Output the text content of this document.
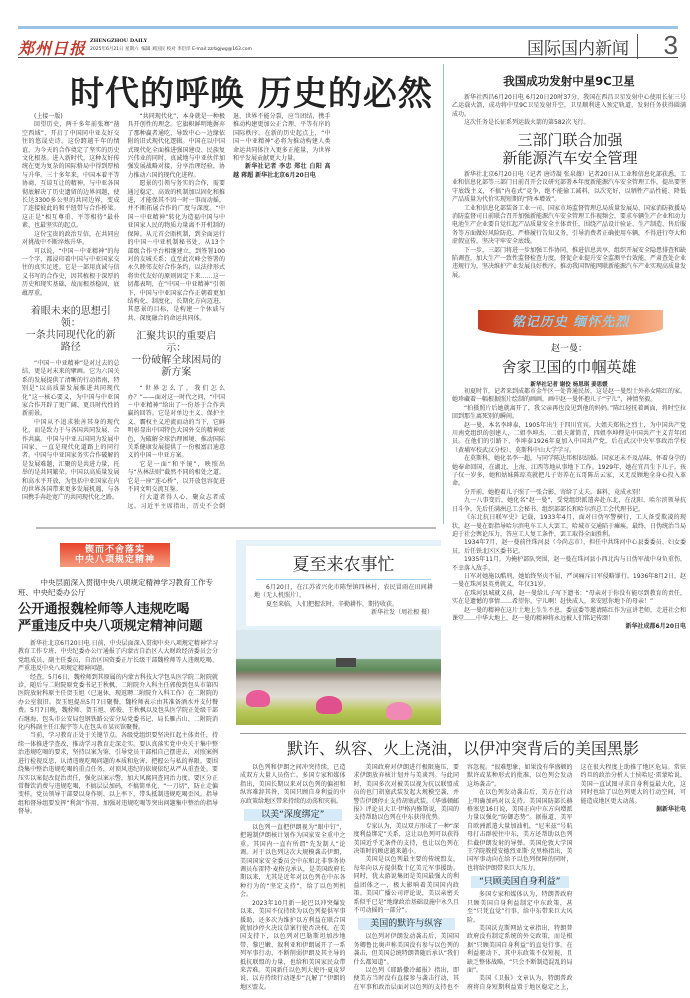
郑州日报 ZHENGZHOU DAILY
2025年6月21日 星期六 编辑 刘国民 校对 李臣洋 E-mail:zzrbgjwg@163.com	国际国内新闻	3
时代的呼唤 历史的必然
(上接一版)

回望历史，两千多年前张骞“凿空西域”，开启了中国同中亚友好交往的悠晟史诗。这份跨越千年的情谊，为今天的合作奠定了坚实的历史文化根基。进入新时代，这种友好传统在更为复杂的国际格局中得到厚植与升华。三十多年来，中国本着平等协商、互谅互让的精神，与中亚各国彻底解决了历史遗留的边界问题，使长达3300多公里的共同边界，变成了连接彼此的和平纽带与合作桥梁。这正是“相互尊重、平等相待”最朴素、也最坚实的起点。

这份宝贵的政治互信，在共同应对挑战中不断淬炼升华。

可以说，“中国－中亚精神”的每一个字，都浸印着中国与中亚国家交往的真实足迹。它是一部用真诚与信义书写的合作史，因其植根于深厚的历史和现实基础，故而根基稳固、底蕴厚重。

着眼未来的思想引领：
一条共同现代化的新路径

“中国－中亚精神”是对过去的总结，更是对未来的擘画。它为六国关系的发展提供了清晰的行动指南，特别是“以高质量发展推进共同现代化”这一核心要义，为中国与中亚国家合作开辟了更广阔、更具时代性的新前景。

中国从不追求独善其身的现代化，而是致力于与各国共同发展、合作共赢。中国与中亚五国同为发展中国家，一直是现代化道路上的同行者。中国与中亚国家务实合作破解的是发展难题，汇聚的是共进力量，托举的是共同繁荣。中国以高质量发展和高水平开放，为包括中亚国家在内的世界各国带来更多发展机遇，与各国携手奔赴宽广的共同现代化之路。

“共同现代化”，本身就是一种极具开创性的理念。它旗帜鲜明地摒弃了那种赢者通吃、导致中心－边缘依附的旧式现代化逻辑。中国在以中国式现代化全面推进强国建设、民族复兴伟业的同时，真诚地与中亚伙伴加强发展战略对接，分享治理经验，协力推动六国的现代化进程。

愿景的引领与务实的合作，需要通过稳定、高效的机制加以固化和推进，才能保其不因一时一事而动摇，并不断拓展合作的广度与深度。“中国－中亚精神”转化为造福中国与中亚国家人民的物质力量离不开机制的保障。从元首会晤机制，到全面运行的中国－中亚机制秘书处，从13个部级合作平台相继建立，到签署100对的友城关系；直至此次峰会签署的永久睦邻友好合作条约，以法律形式将世代友好的原则固定下来……这一切都表明，在“中国－中亚精神”引领下，中国与中亚国家合作正朝着更加结构化、制度化、长期化方向迈进，其愿景的目标，是构建一个休戚与共、深度融合的命运共同体。

汇聚共识的重要启示：
一份破解全球困局的新方案

“世界怎么了，我们怎么办？”——面对这一时代之问，“中国－中亚精神”给出了一份基于合作共赢的回答。它是对单边主义、保护主义、霸权主义逆流而动的当下，它鲜明彰显出中国特色大国外交的精神底色，为破解全球治理困境、推动国际关系健康发展提供了一份极富启迪意义的中国－中亚方案。

它是一面“和平镜”，映照出与“丛林法则”截然不同的相处之道。它是一座“连心桥”，以开放包容促进不同文明交流互鉴。

行大道者得人心，聚众志者成远。习近平主席指出，历史不会倒退，世界不能分裂，应当团结，携手推动构建更加公正合理、平等有序的国际秩序。在新的历史起点上，“中国－中亚精神”必将为推动构建人类命运共同体注入更多正能量，为世界和平发展贡献更大力量。

新华社记者 李忠 郑壮 白阳 高越 蒋超 新华社北京6月20日电

我国成功发射中星9C卫星

新华社西昌6月20日电 6月20日20时37分，我国在西昌卫星发射中心使用长征三号乙运载火箭，成功将中星9C卫星发射升空，卫星顺利进入预定轨道，发射任务获得圆满成功。

这次任务是长征系列运载火箭的第582次飞行。

三部门联合加强
新能源汽车安全管理

新华社北京6月20日电（记者 唐诗凝 张泉薇）记者20日从工业和信息化部获悉，工业和信息化部等三部门日前召开会议研究部署本年度新能源汽车安全管理工作，提出要坚守底线主义，不搞“内卷式”竞争，绝不能偷工减料，以次充好，以牺牲产品性能、降低产品质量为代价实现短期的“降本增效”。

工业和信息化部装备工业一司、国家市场监督管理总局质量发展局、国家消防救援局消防监督司日前联合召开加强新能源汽车安全管理工作视频会，要求车辆生产企业和动力电池生产企业要自觉扛起产品质量安全主体责任，围绕产品设计验证、生产制造、售后服务等方面做好风险防范，严格履行告知义务，引导消费者正确使用车辆，不得进行夸大和虚假宣传，坚决守牢安全底线。

下一步，三部门将进一步加强工作协同，推进信息共享，组织开展安全隐患排查和缺陷调查，加大生产一致性监督检查力度，督促企业提升安全监测平台效能，严肃查处企业违规行为，坚决维护产业发展良好秩序，推动我国智能网联新能源汽车产业实现高质量发展。

铭记历史 缅怀先烈
赵一曼：
舍家卫国的巾帼英雄
新华社记者 谢佼 杨思琪 姜思媛

初夏时节，记者来到成都市金牛区一处普通民居，这是赵一曼烈士外孙女陈红的家。她珍藏着一幅根据照片绘制的画画，画中赵一曼怀抱儿子“宁儿”，神情坚毅。

“拍摄照片后她就离开了，我父亲再也没见到他的妈妈。”陈红轻抚着画面，将时空拉回到那生离死别的瞬间。

赵一曼，本名李坤泰，1905年出生于四川宜宾。大姐夫郑佑之烈士，为中国共产党川南党组织的创建人，二姐李坤杰、二姐夫萧简青，四姐李坤俚是中国共产主义青年团员。在他们的引路下，李坤泰1926年夏加入中国共产党，后在武汉中央军事政治学校（黄埔军校武汉分校）、莫斯科中山大学学习。

在莫斯科，她化名李一超，与同学陈达邦相识结婚。国家还未不及品味，怀着身孕的她奉命回国，在湖北、上海、江西等地从事地下工作。1929年，她在宜昌生下儿子。孩子仅一岁多，她和姑妹陈琮英就把儿子寄养在五哥陈岳云家，又无反顾地全身心投入革命。

分开前，她抱着儿子照了一张合影，寄给了丈夫。谁料，竟成永别！

九一八事变后，她化名“赵一曼”，受党组织派遣奔赴东北，在沈阳、哈尔滨领导抗日斗争，先后任满洲总工会秘书、组织部部长和哈尔滨总工会代理书记。

《东北抗日联军史》记载，1933年4月，面对日伪军警横行，工人备受欺凌的现状，赵一曼在街指导哈尔滨电车工人大罢工，哈城市交通陷于瘫痪。最终，日伪统治当局迫于社会舆论压力，答应工人复工条件，罢工取得全面胜利。

1934年7月，赵一曼前往珠河县（今尚志市），担任中共珠河中心县委委员、妇女委员，后任铁北区区委书记。

1935年11月，为掩护部队突围，赵一曼在珠河县小西北沟与日伪军战中身负重伤，不幸落入敌手。

日军对她施以酷刑，她始终坚贞不屈，严词痛斥日军侵略罪行。1936年8月2日，赵一曼在珠河县英勇就义，年仅31岁。

在珠河县城就义前，赵一曼给儿子写下遗书：“母亲对于你没有能尽到教育的责任，实在是遗憾的事情……希望你，宁儿啊！赶快成人，来安慰你地下的母亲！”

赵一曼的精神在这片土地上生生不息。委宣委等邀请陈红作为宣讲老师，走进社会和课堂……中华大地上，赵一曼的精神将永远被人们铭记传颂！

新华社成都6月20日电
锲而不舍落实
中央八项规定精神
中央层面深入贯彻中央八项规定精神学习教育工作专班、中央纪委办公厅
公开通报魏栓师等人违规吃喝
严重违反中央八项规定精神问题

新华社北京6月20日电 日前，中央层面深入贯彻中央八项规定精神学习教育工作专班、中央纪委办公厅通报了内蒙古自治区人大财政经济委员会分党组成员、副主任委员，自治区国资委正厅长级干部魏栓师等人违规吃喝、严重违反中央八项规定精神问题。

经查，5月6日，魏栓师到其原属的内蒙古科技大学包头医学院二附院就诊，随后与二附院原党委书记王秋枫、二附院介入科主任郭俊到包头市第四医院放射科原主任贺玉旭（已退休，现返聘二附院介入科工作）在二附院的办公室叙旧。贺玉旭提出5月7日聚餐，魏栓师表示由其准备酒水并支付餐费。5月7日晚，魏栓师、贺玉旭、郭俊、王秋枫以及包头医学院正处级干部石继海、包头市公安局包钢铁路公安分局党委书记、局长雁占山、二附院消化内科副主任江振宇等人在包头市某宾馆聚餐。

当前，学习教育正处于关键节点。各级党组织要坚决扛起主体责任，持续一体推进学查改，推动学习教育走深走实。要认真落实党中央关于集中整治违规吃喝的要求，坚持以案为鉴，引导党员干部相自己摆进去，对照案例进行检视反思，认清违规吃喝问题的本质和危害，把握公与私的界限。要围绕集中整治违规吃喝的重点任务，对顶风违纪的依规依纪从严从重查处。要压实以案促改促治责任，强化以案示警，加大风腐同查同治力度。要区分正常餐饮消费与违规吃喝，不搞层层加码，不搞简单化、“一刀切”，防止走偏变样。党员领导干部要以身作则、以上率下，带头抵制违规吃喝歪风。指导组和督导组要发挥“利剑”作用，加强对违规吃喝等突出问题集中整治的指导督导。

夏至来农事忙

6月20日，在江苏省兴化市陈堡镇四林村，农民冒雨在田间耕地（无人机照片）。

夏至来临，人们把握农时，辛勤耕作，期待收获。

新华社发（周社根 摄）
默许、纵容、火上浇油，以伊冲突背后的美国黑影

以色列和伊朗之间冲突持续，已造成双方大量人员伤亡。多国专家和媒体指出，美国长期以来对以色列的偏袒和纵容难辞其咎，美国只顾自身利益的中东政策给地区带来持续的动荡和灾祸。

以美“深度绑定”

以色列一直把伊朗视为“眼中钉”，把遏制伊朗核计划作为国家安全重中之重。其国内一直有所谓“先发制人”论调。对于以色列这次大规模袭击伊朗，美国国家安全委员会中东和北非事务协调员布雷特·麦格克承认，是美国政府长期以来，尤其是近年对以色列在中东各种行为的“坚定支持”，给了以色列机会。

2023年10月新一轮巴以冲突爆发以来，美国不仅持续为以色列提供军事援助，还多次为维护以方利益在联合国就加沙停火决议草案行使否决权。在美国支持下，以色列对巴勒斯坦加沙地带、黎巴嫩、叙利亚和伊朗展开了一系列军事行动，不断削弱伊朗及其主导的抵抗联盟的力量，也给和美国家民众带来苦难。美国新任以色列大使丹·夏皮罗说，以方持续行动逐步“瓦解了”伊朗的地区盟友。

美国政府对伊朗进行极限施压，要求伊朗放弃核计划并与美谈判。与此同时，美国多次对被美以视为抗以联盟成员的也门胡塞武装发起大规模空袭，并警告伊朗停止支持胡塞武装。《华盛顿邮报》评论员大卫·伊格内修斯说，美国的支持帮助以色列在中东获得优势。

专家认为，美以双方形成了一种“深度利益绑定”关系，这让以色列可以获得美国近乎无条件的支持，也让以色列在决策时的顾虑越来越小。

美国是以色列最主要的传统盟友，每年向以方提供数十亿美元军事援助。同时，犹太游说集团是美国最强大的利益团体之一，极大影响着美国国内政策。美国广播公司评论说，美以亲密关系似乎已是“地缘政治基础设施中永久且不可动摇的一部分”。

美国的默许与纵容

以色列对伊朗发动袭击后，美国国务卿鲁比奥声称美国没有参与以色列的袭击，但美国总统特朗普随后承认“我们什么都知道”。

以色列《耶路撒冷邮报》指出，即便美方当时没有直接参与袭击行动，其在军事和政治层面对以色列的支持也不容忽视。“很难想象，如果没有华盛顿的默许或某种形式的批准，以色列会发动这场袭击”。

在以色列发动袭击后，美方在行动上明确加码对以支持。美国国防部长赫格塞思16日说，美国正向中东方向增派力量以强化“防御态势”。据报道，美军自欧洲派遣大量加油机，“尼米兹”号航母打击群驶往中东，美方还帮助以色列拦截伊朗发射的导弹。美国伦敦大学国王学院教授安德烈亚斯·克里格指出，美国军事动向在给予以色列保障的同时，也将给伊朗带来巨大压力。

“只顾美国自身利益”

多国专家和媒体认为，特朗普政府只顾美国自身利益制定中东政策，甚至“只凭直觉”行事，给中东带来巨大风险。

美国沃克斯网站文章指出，特朗普政府没有制定系统的外交政策，而是根据“只顾美国自身利益”的直觉行事。在利益驱动下，其中东政策不仅短视，且缺乏整体战略，“只会不断制造混乱的局面”。

美国《卫报》文章认为，特朗普政府将自身短期利益置于地区稳定之上，这在很大程度上助推了地区危局。常驻约旦的政治分析人士侯哈尼·雷蒙哈说，美国一直试图寻求自身利益最大化，这同时也给了以色列更大的行动空间，可能造成地区更大动荡。

据新华社电
